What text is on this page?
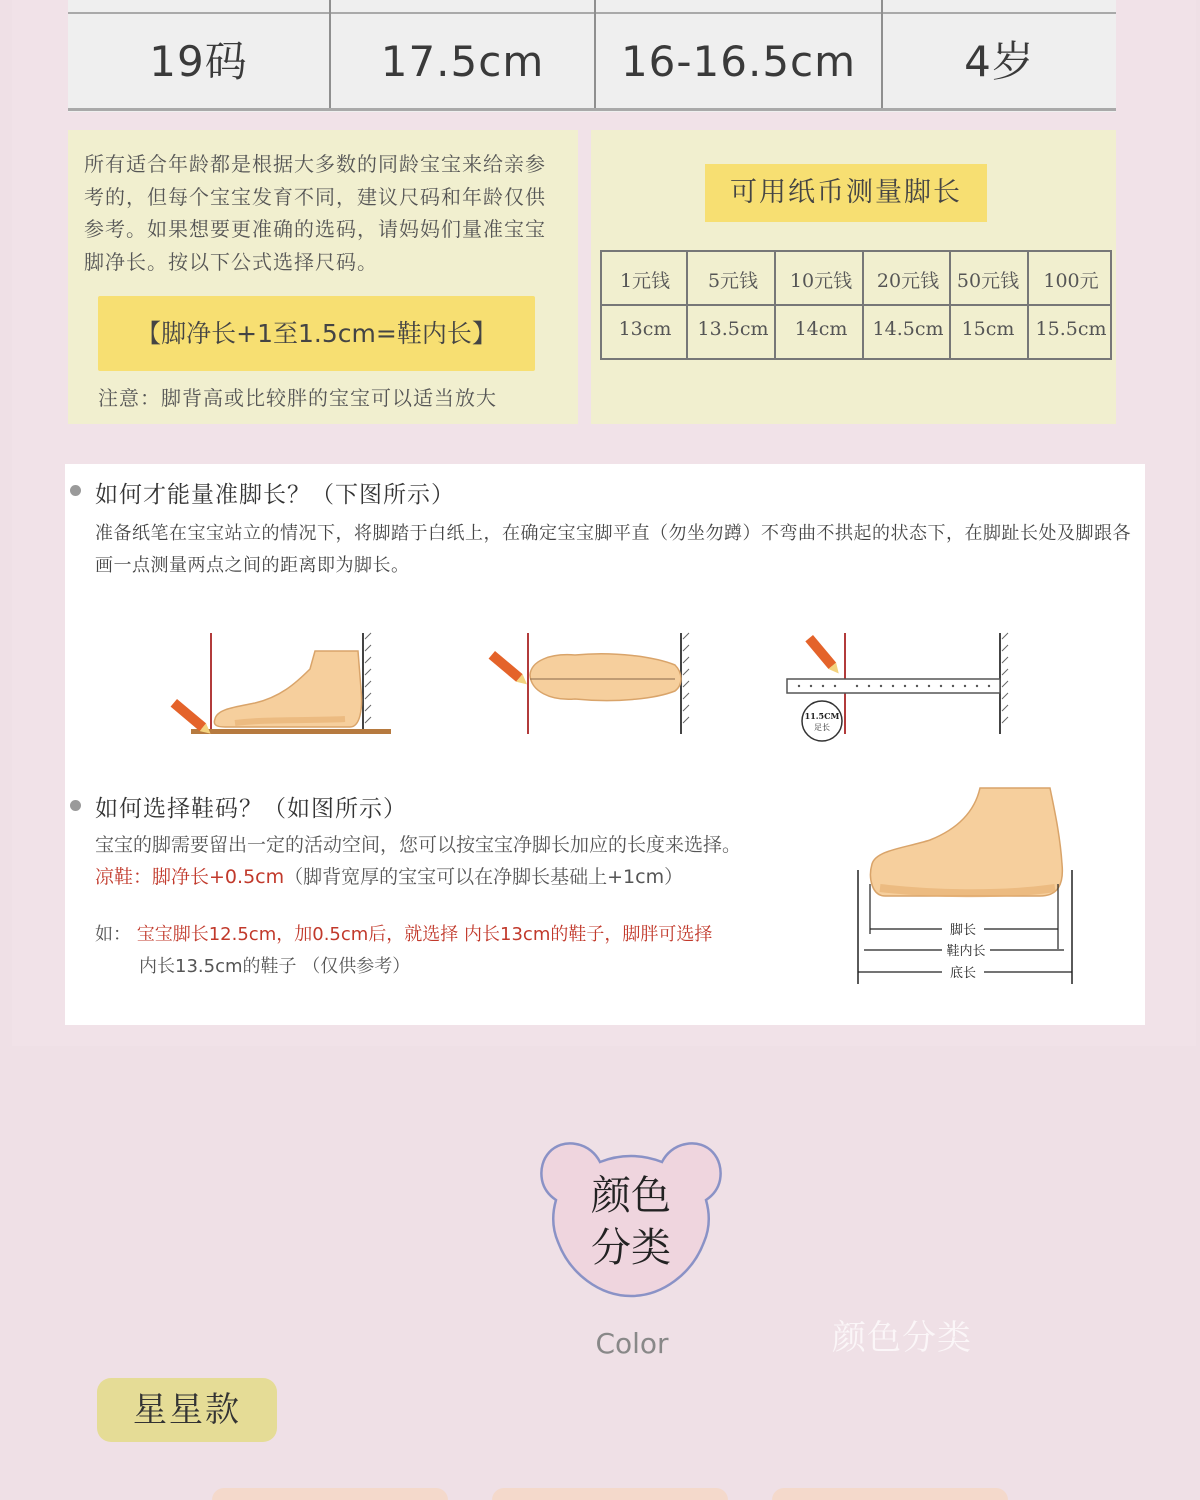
19码	17.5cm	16-16.5cm	4岁
所有适合年龄都是根据大多数的同龄宝宝来给亲参考的，但每个宝宝发育不同，建议尺码和年龄仅供参考。如果想要更准确的选码，请妈妈们量准宝宝脚净长。按以下公式选择尺码。
【脚净长+1至1.5cm=鞋内长】
注意：脚背高或比较胖的宝宝可以适当放大
可用纸币测量脚长
1元钱	5元钱	10元钱	20元钱 50元钱	100元
13cm	13.5cm	14cm	14.5cm 15cm	15.5cm
如何才能量准脚长？（下图所示）
准备纸笔在宝宝站立的情况下，将脚踏于白纸上，在确定宝宝脚平直（勿坐勿蹲）不弯曲不拱起的状态下，在脚趾长处及脚跟各画一点测量两点之间的距离即为脚长。
11.5CM
足长
如何选择鞋码？（如图所示）
宝宝的脚需要留出一定的活动空间，您可以按宝宝净脚长加应的长度来选择。
凉鞋：脚净长+0.5cm（脚背宽厚的宝宝可以在净脚长基础上+1cm）
如： 宝宝脚长12.5cm，加0.5cm后，就选择 内长13cm的鞋子，脚胖可选择
内长13.5cm的鞋子 （仅供参考）
脚长
鞋内长
底长
颜色
分类
Color	颜色分类
星星款
